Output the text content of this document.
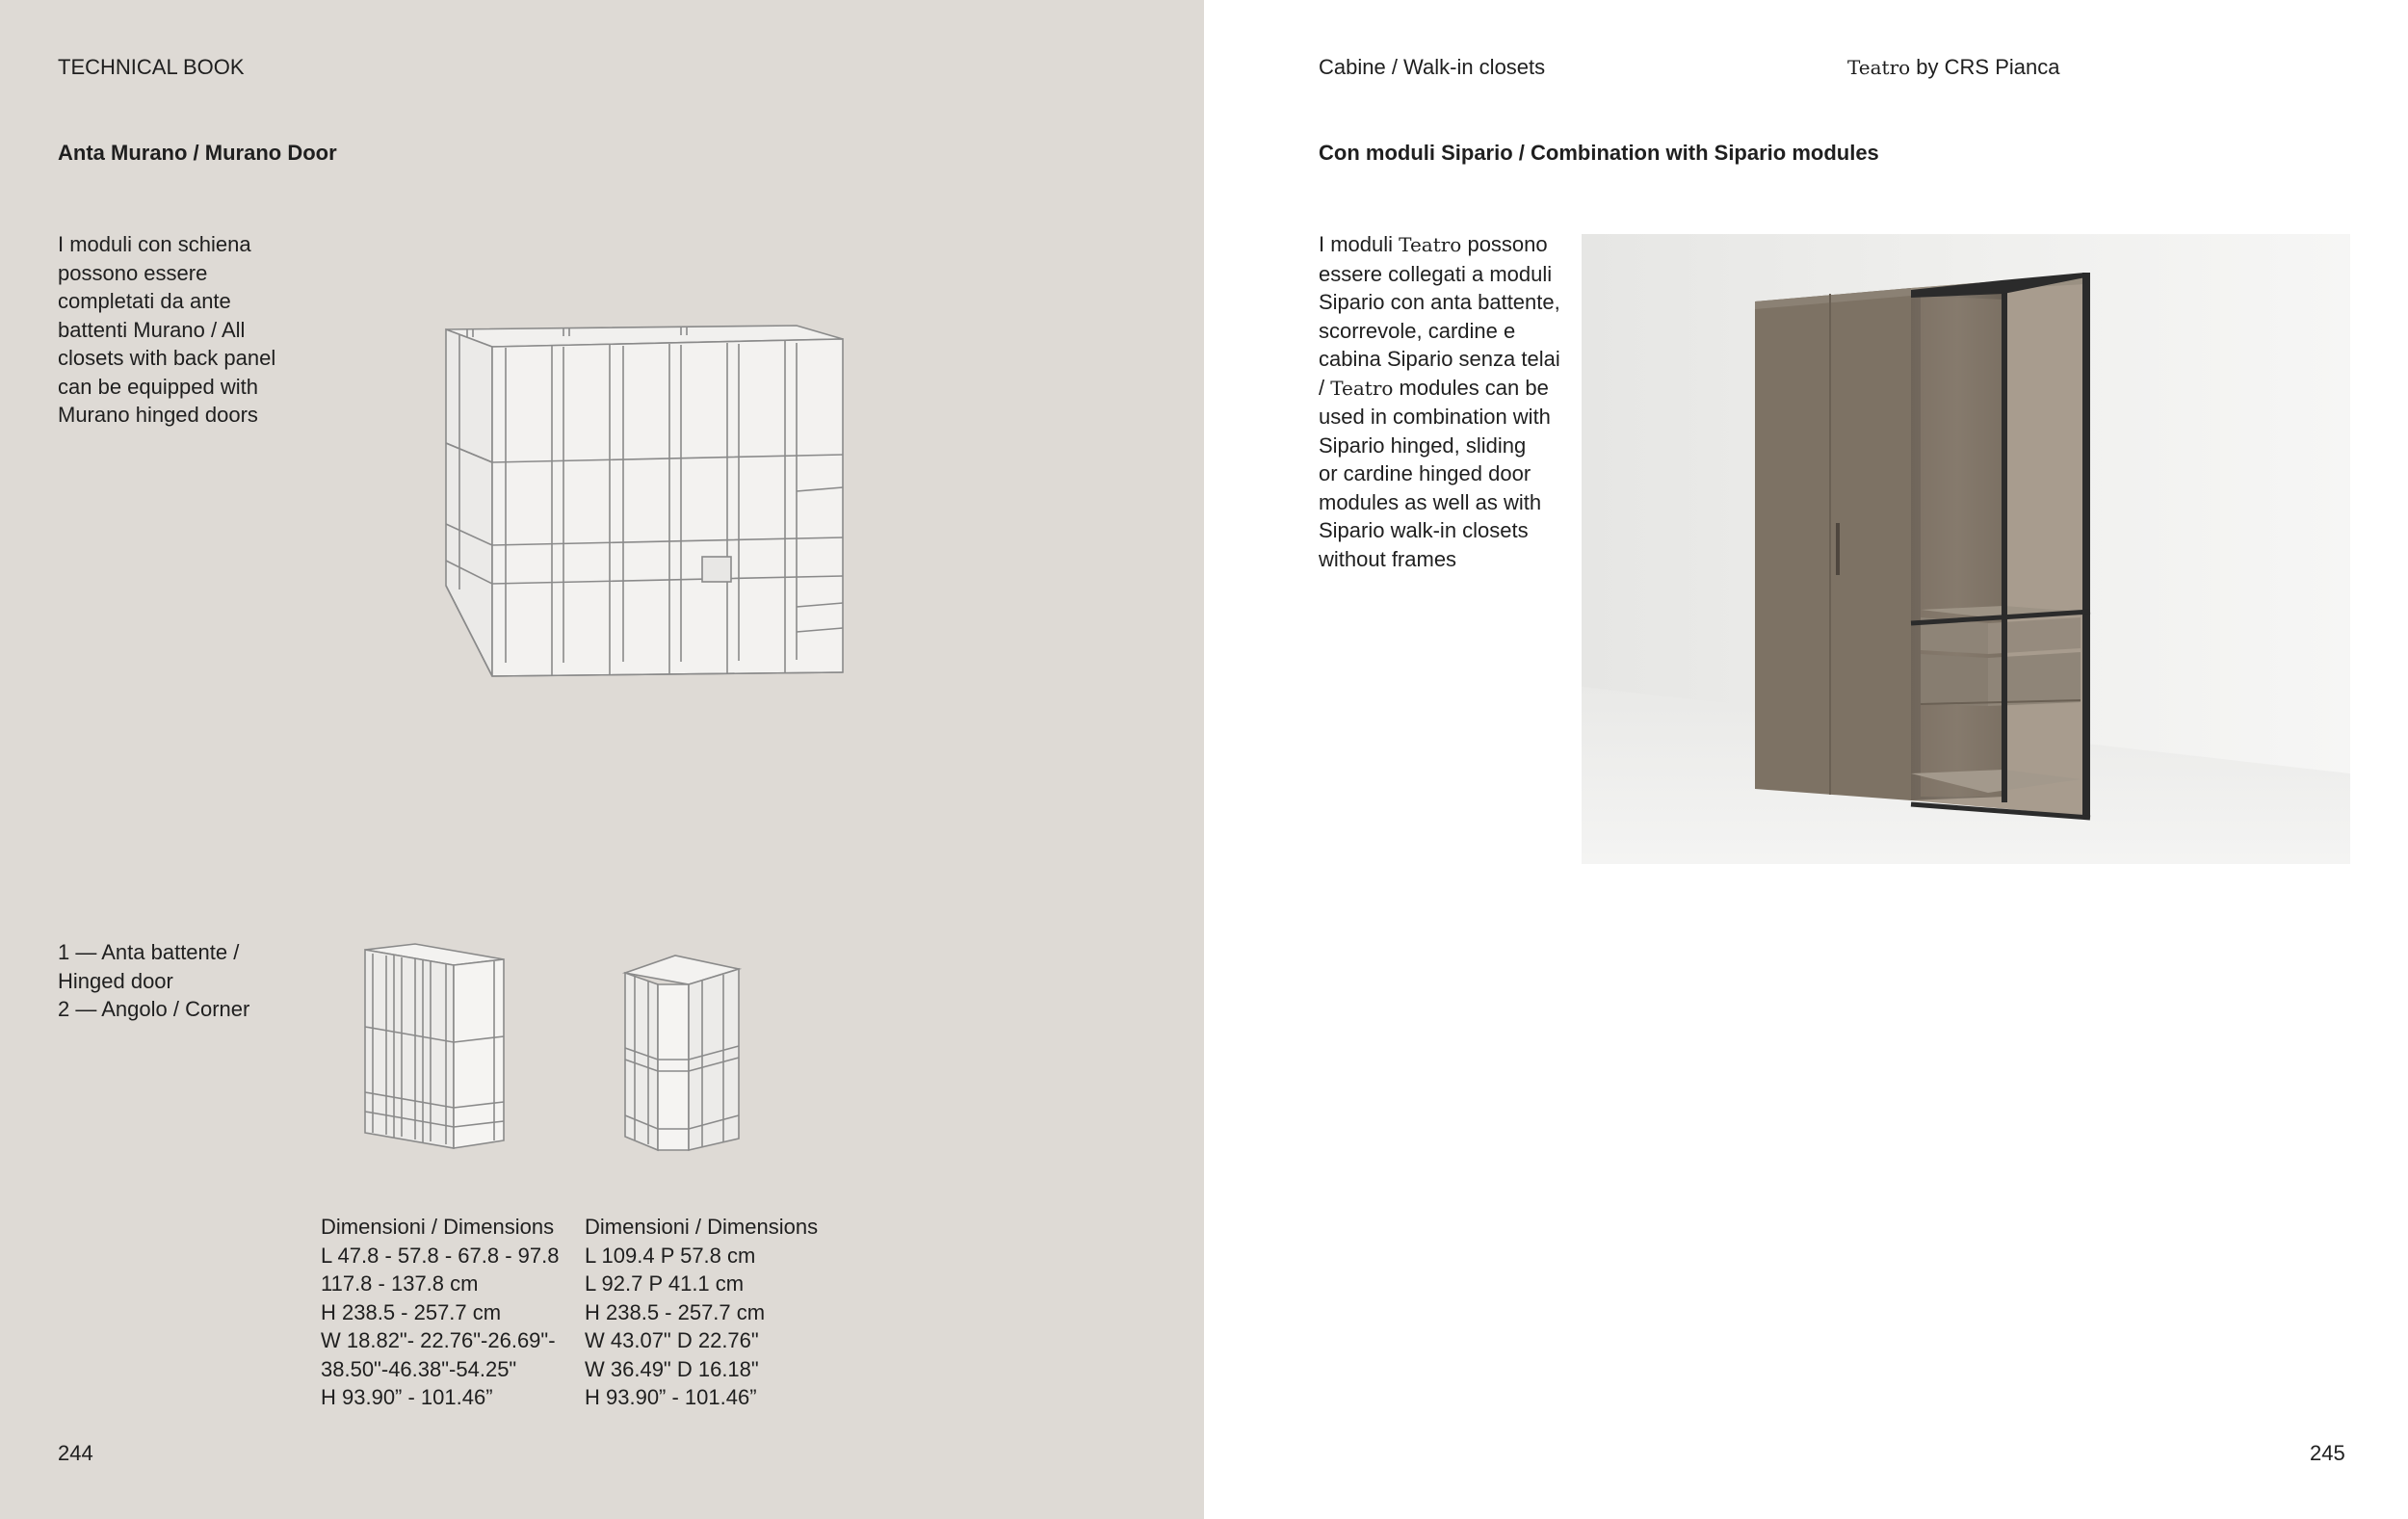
TECHNICAL BOOK
Anta Murano / Murano Door
I moduli con schiena
possono essere
completati da ante
battenti Murano / All
closets with back panel
can be equipped with
Murano hinged doors
1 — Anta battente /
Hinged door
2 — Angolo / Corner
Dimensioni / Dimensions
L 47.8 - 57.8 - 67.8 - 97.8
117.8 - 137.8 cm
H 238.5 - 257.7 cm
W 18.82"- 22.76"-26.69"-
38.50"-46.38"-54.25"
H 93.90” - 101.46”
Dimensioni / Dimensions
L 109.4 P 57.8 cm
L 92.7 P 41.1 cm
H 238.5 - 257.7 cm
W 43.07" D 22.76"
W 36.49" D 16.18"
H 93.90” - 101.46”
244
Cabine / Walk-in closets	Teatro by CRS Pianca
Con moduli Sipario / Combination with Sipario modules
I moduli Teatro possono
essere collegati a moduli
Sipario con anta battente,
scorrevole, cardine e
cabina Sipario senza telai
/ Teatro modules can be
used in combination with
Sipario hinged, sliding
or cardine hinged door
modules as well as with
Sipario walk-in closets
without frames
245
